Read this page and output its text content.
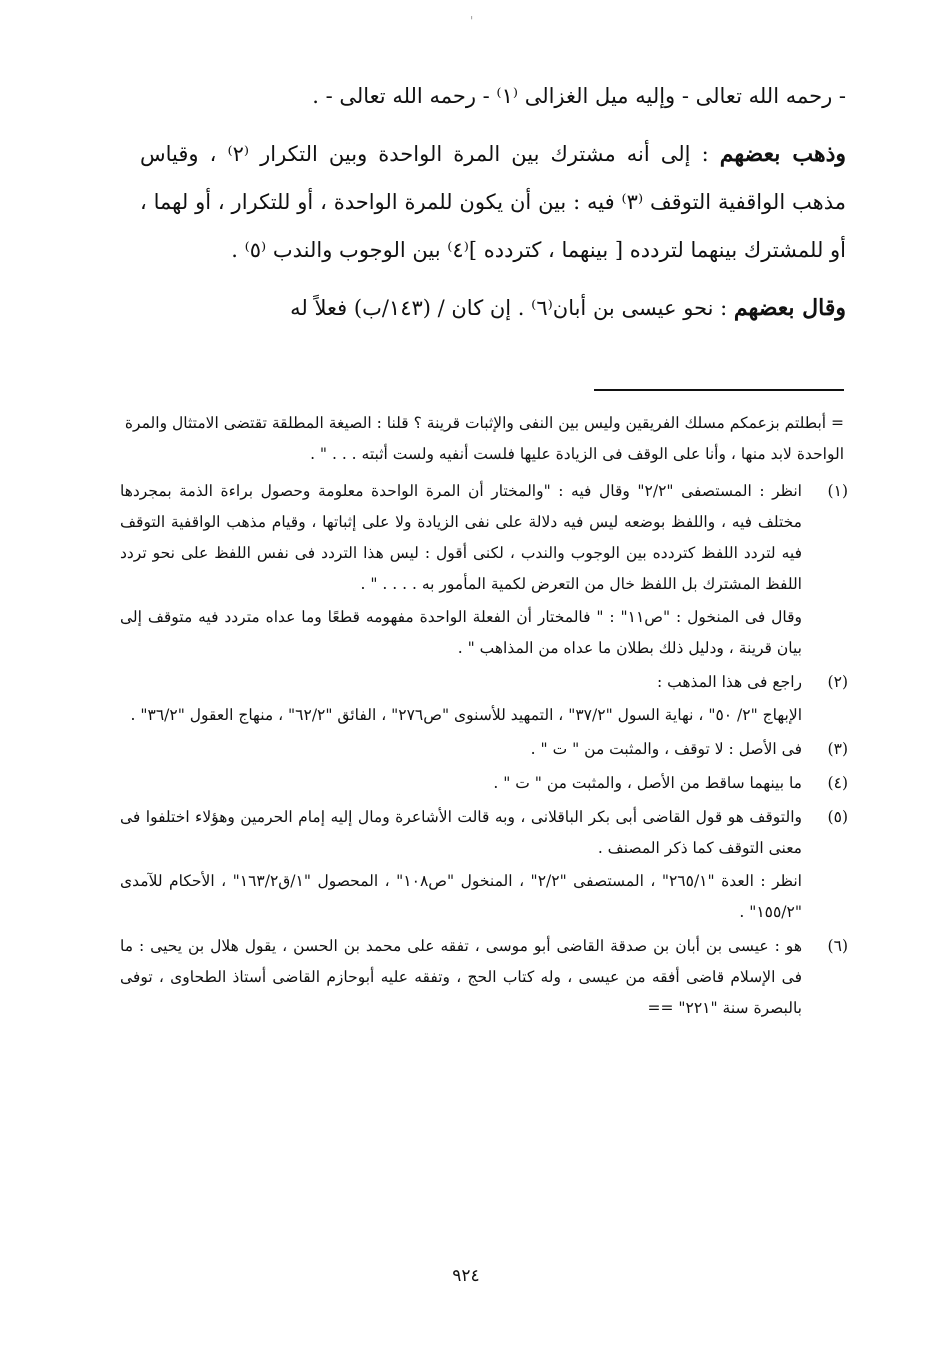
'

- رحمه الله تعالى - وإليه ميل الغزالى ⁽١⁾ - رحمه الله تعالى - .

وذهب بعضهم : إلى أنه مشترك بين المرة الواحدة وبين التكرار ⁽٢⁾ ، وقياس مذهب الواقفية التوقف ⁽٣⁾ فيه : بين أن يكون للمرة الواحدة ، أو للتكرار ، أو لهما ، أو للمشترك بينهما لتردده [ بينهما ، كتردده ]⁽٤⁾ بين الوجوب والندب ⁽٥⁾ .

وقال بعضهم : نحو عيسى بن أبان⁽٦⁾ . إن كان / (١٤٣/ب) فعلاً له

= أبطلتم بزعمكم مسلك الفريقين وليس بين النفى والإثبات قرينة ؟ قلنا : الصيغة المطلقة تقتضى الامتثال والمرة الواحدة لابد منها ، وأنا على الوقف فى الزيادة عليها فلست أنفيه ولست أثبته . . . " .

(١)

انظر : المستصفى "٢/٢" وقال فيه : "والمختار أن المرة الواحدة معلومة وحصول براءة الذمة بمجردها مختلف فيه ، واللفظ بوضعه ليس فيه دلالة على نفى الزيادة ولا على إثباتها ، وقيام مذهب الواقفية التوقف فيه لتردد اللفظ كتردده بين الوجوب والندب ، لكنى أقول : ليس هذا التردد فى نفس اللفظ على نحو تردد اللفظ المشترك بل اللفظ خال من التعرض لكمية المأمور به . . . . " .

وقال فى المنخول : "ص١١" : " فالمختار أن الفعلة الواحدة مفهومه قطعًا وما عداه متردد فيه متوقف إلى بيان قرينة ، ودليل ذلك بطلان ما عداه من المذاهب " .

(٢)

راجع فى هذا المذهب :

الإبهاج "٢/ ٥٠" ، نهاية السول "٣٧/٢" ، التمهيد للأسنوى "ص٢٧٦" ، الفائق "٦٢/٢" ، منهاج العقول "٣٦/٢" .

(٣)

فى الأصل : لا توقف ، والمثبت من " ت " .

(٤)

ما بينهما ساقط من الأصل ، والمثبت من " ت " .

(٥)

والتوقف هو قول القاضى أبى بكر الباقلانى ، وبه قالت الأشاعرة ومال إليه إمام الحرمين وهؤلاء اختلفوا فى معنى التوقف كما ذكر المصنف .

انظر : العدة "٢٦٥/١" ، المستصفى "٢/٢" ، المنخول "ص١٠٨" ، المحصول "١/ق١٦٣/٢" ، الأحكام للآمدى "١٥٥/٢" .

(٦)

هو : عيسى بن أبان بن صدقة القاضى أبو موسى ، تفقه على محمد بن الحسن ، يقول هلال بن يحيى : ما فى الإسلام قاضى أفقه من عيسى ، وله كتاب الحج ، وتفقه عليه أبوحازم القاضى أستاذ الطحاوى ، توفى بالبصرة سنة "٢٢١" ==

٩٢٤
